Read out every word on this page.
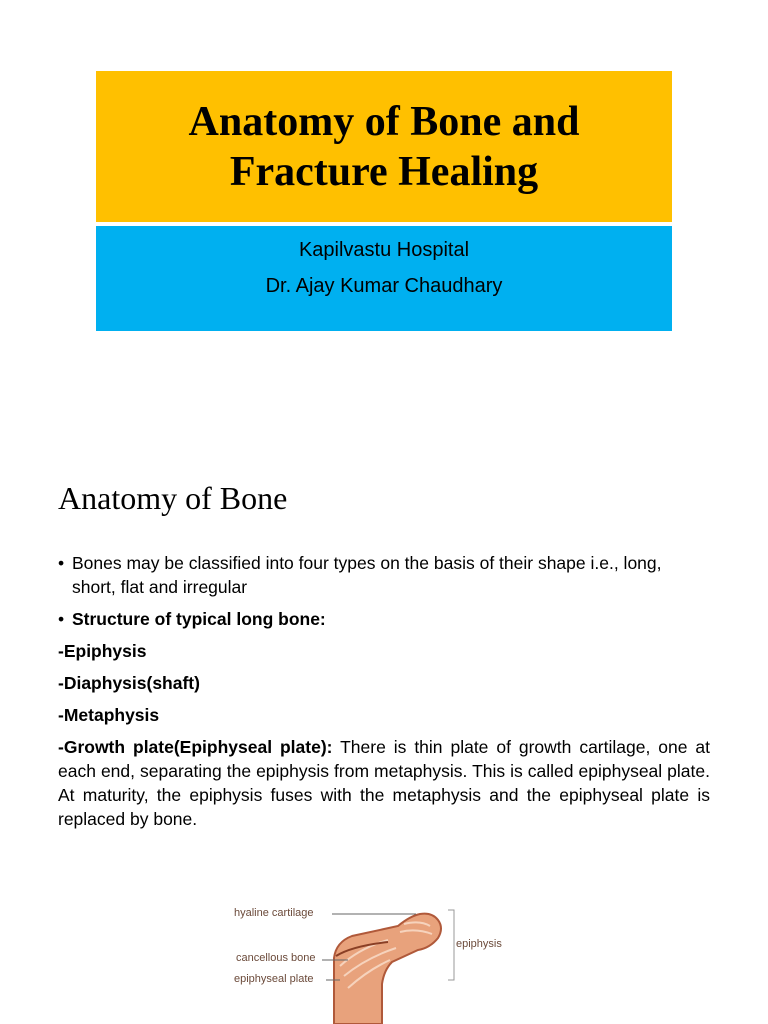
Anatomy of Bone and
Fracture Healing
Kapilvastu Hospital
Dr. Ajay Kumar Chaudhary
Anatomy of Bone
• Bones may be classified into four types on the basis of their shape i.e., long, short, flat and irregular
• Structure of typical long bone:
-Epiphysis
-Diaphysis(shaft)
-Metaphysis
-Growth plate(Epiphyseal plate): There is thin plate of growth cartilage, one at each end, separating the epiphysis from metaphysis. This is called epiphyseal plate. At maturity, the epiphysis fuses with the metaphysis and the epiphyseal plate is replaced by bone.
hyaline cartilage
cancellous bone
epiphyseal plate
epiphysis
